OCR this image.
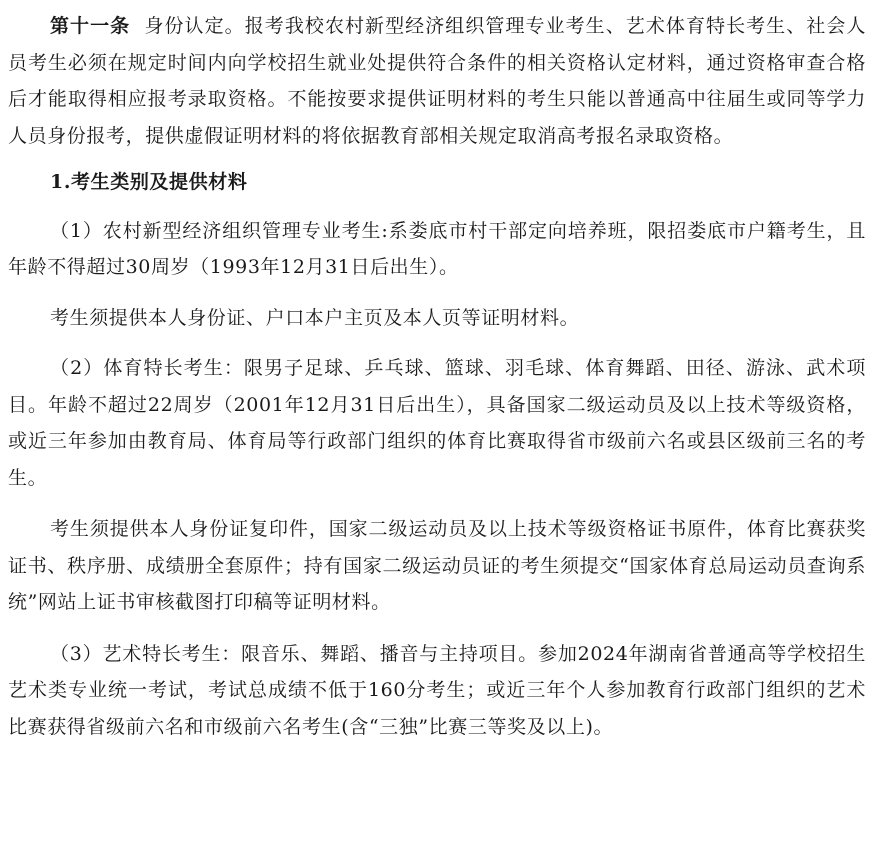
第十一条 身份认定。报考我校农村新型经济组织管理专业考生、艺术体育特长考生、社会人员考生必须在规定时间内向学校招生就业处提供符合条件的相关资格认定材料，通过资格审查合格后才能取得相应报考录取资格。不能按要求提供证明材料的考生只能以普通高中往届生或同等学力人员身份报考，提供虚假证明材料的将依据教育部相关规定取消高考报名录取资格。

1.考生类别及提供材料

（1）农村新型经济组织管理专业考生:系娄底市村干部定向培养班，限招娄底市户籍考生，且年龄不得超过30周岁（1993年12月31日后出生）。

考生须提供本人身份证、户口本户主页及本人页等证明材料。

（2）体育特长考生：限男子足球、乒乓球、篮球、羽毛球、体育舞蹈、田径、游泳、武术项目。年龄不超过22周岁（2001年12月31日后出生），具备国家二级运动员及以上技术等级资格，或近三年参加由教育局、体育局等行政部门组织的体育比赛取得省市级前六名或县区级前三名的考生。

考生须提供本人身份证复印件，国家二级运动员及以上技术等级资格证书原件，体育比赛获奖证书、秩序册、成绩册全套原件；持有国家二级运动员证的考生须提交“国家体育总局运动员查询系统”网站上证书审核截图打印稿等证明材料。

（3）艺术特长考生：限音乐、舞蹈、播音与主持项目。参加2024年湖南省普通高等学校招生艺术类专业统一考试，考试总成绩不低于160分考生；或近三年个人参加教育行政部门组织的艺术比赛获得省级前六名和市级前六名考生(含“三独”比赛三等奖及以上)。
